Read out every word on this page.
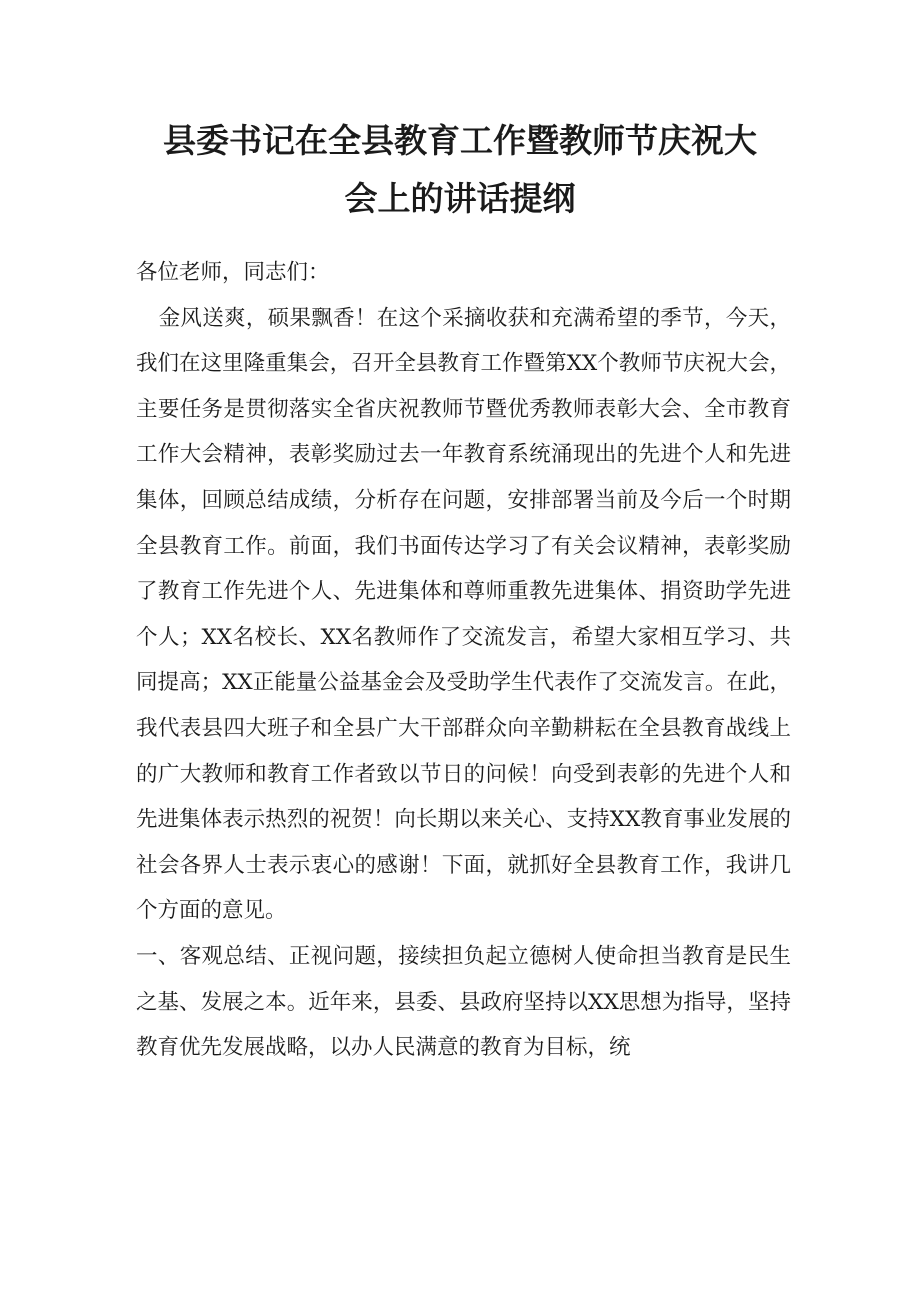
县委书记在全县教育工作暨教师节庆祝大
会上的讲话提纲

各位老师，同志们：

金风送爽，硕果飘香！在这个采摘收获和充满希望的季节，今天，我们在这里隆重集会，召开全县教育工作暨第XX个教师节庆祝大会，主要任务是贯彻落实全省庆祝教师节暨优秀教师表彰大会、全市教育工作大会精神，表彰奖励过去一年教育系统涌现出的先进个人和先进集体，回顾总结成绩，分析存在问题，安排部署当前及今后一个时期全县教育工作。前面，我们书面传达学习了有关会议精神，表彰奖励了教育工作先进个人、先进集体和尊师重教先进集体、捐资助学先进个人；XX名校长、XX名教师作了交流发言，希望大家相互学习、共同提高；XX正能量公益基金会及受助学生代表作了交流发言。在此，我代表县四大班子和全县广大干部群众向辛勤耕耘在全县教育战线上的广大教师和教育工作者致以节日的问候！向受到表彰的先进个人和先进集体表示热烈的祝贺！向长期以来关心、支持XX教育事业发展的社会各界人士表示衷心的感谢！下面，就抓好全县教育工作，我讲几个方面的意见。

一、客观总结、正视问题，接续担负起立德树人使命担当教育是民生之基、发展之本。近年来，县委、县政府坚持以XX思想为指导，坚持教育优先发展战略，以办人民满意的教育为目标，统
